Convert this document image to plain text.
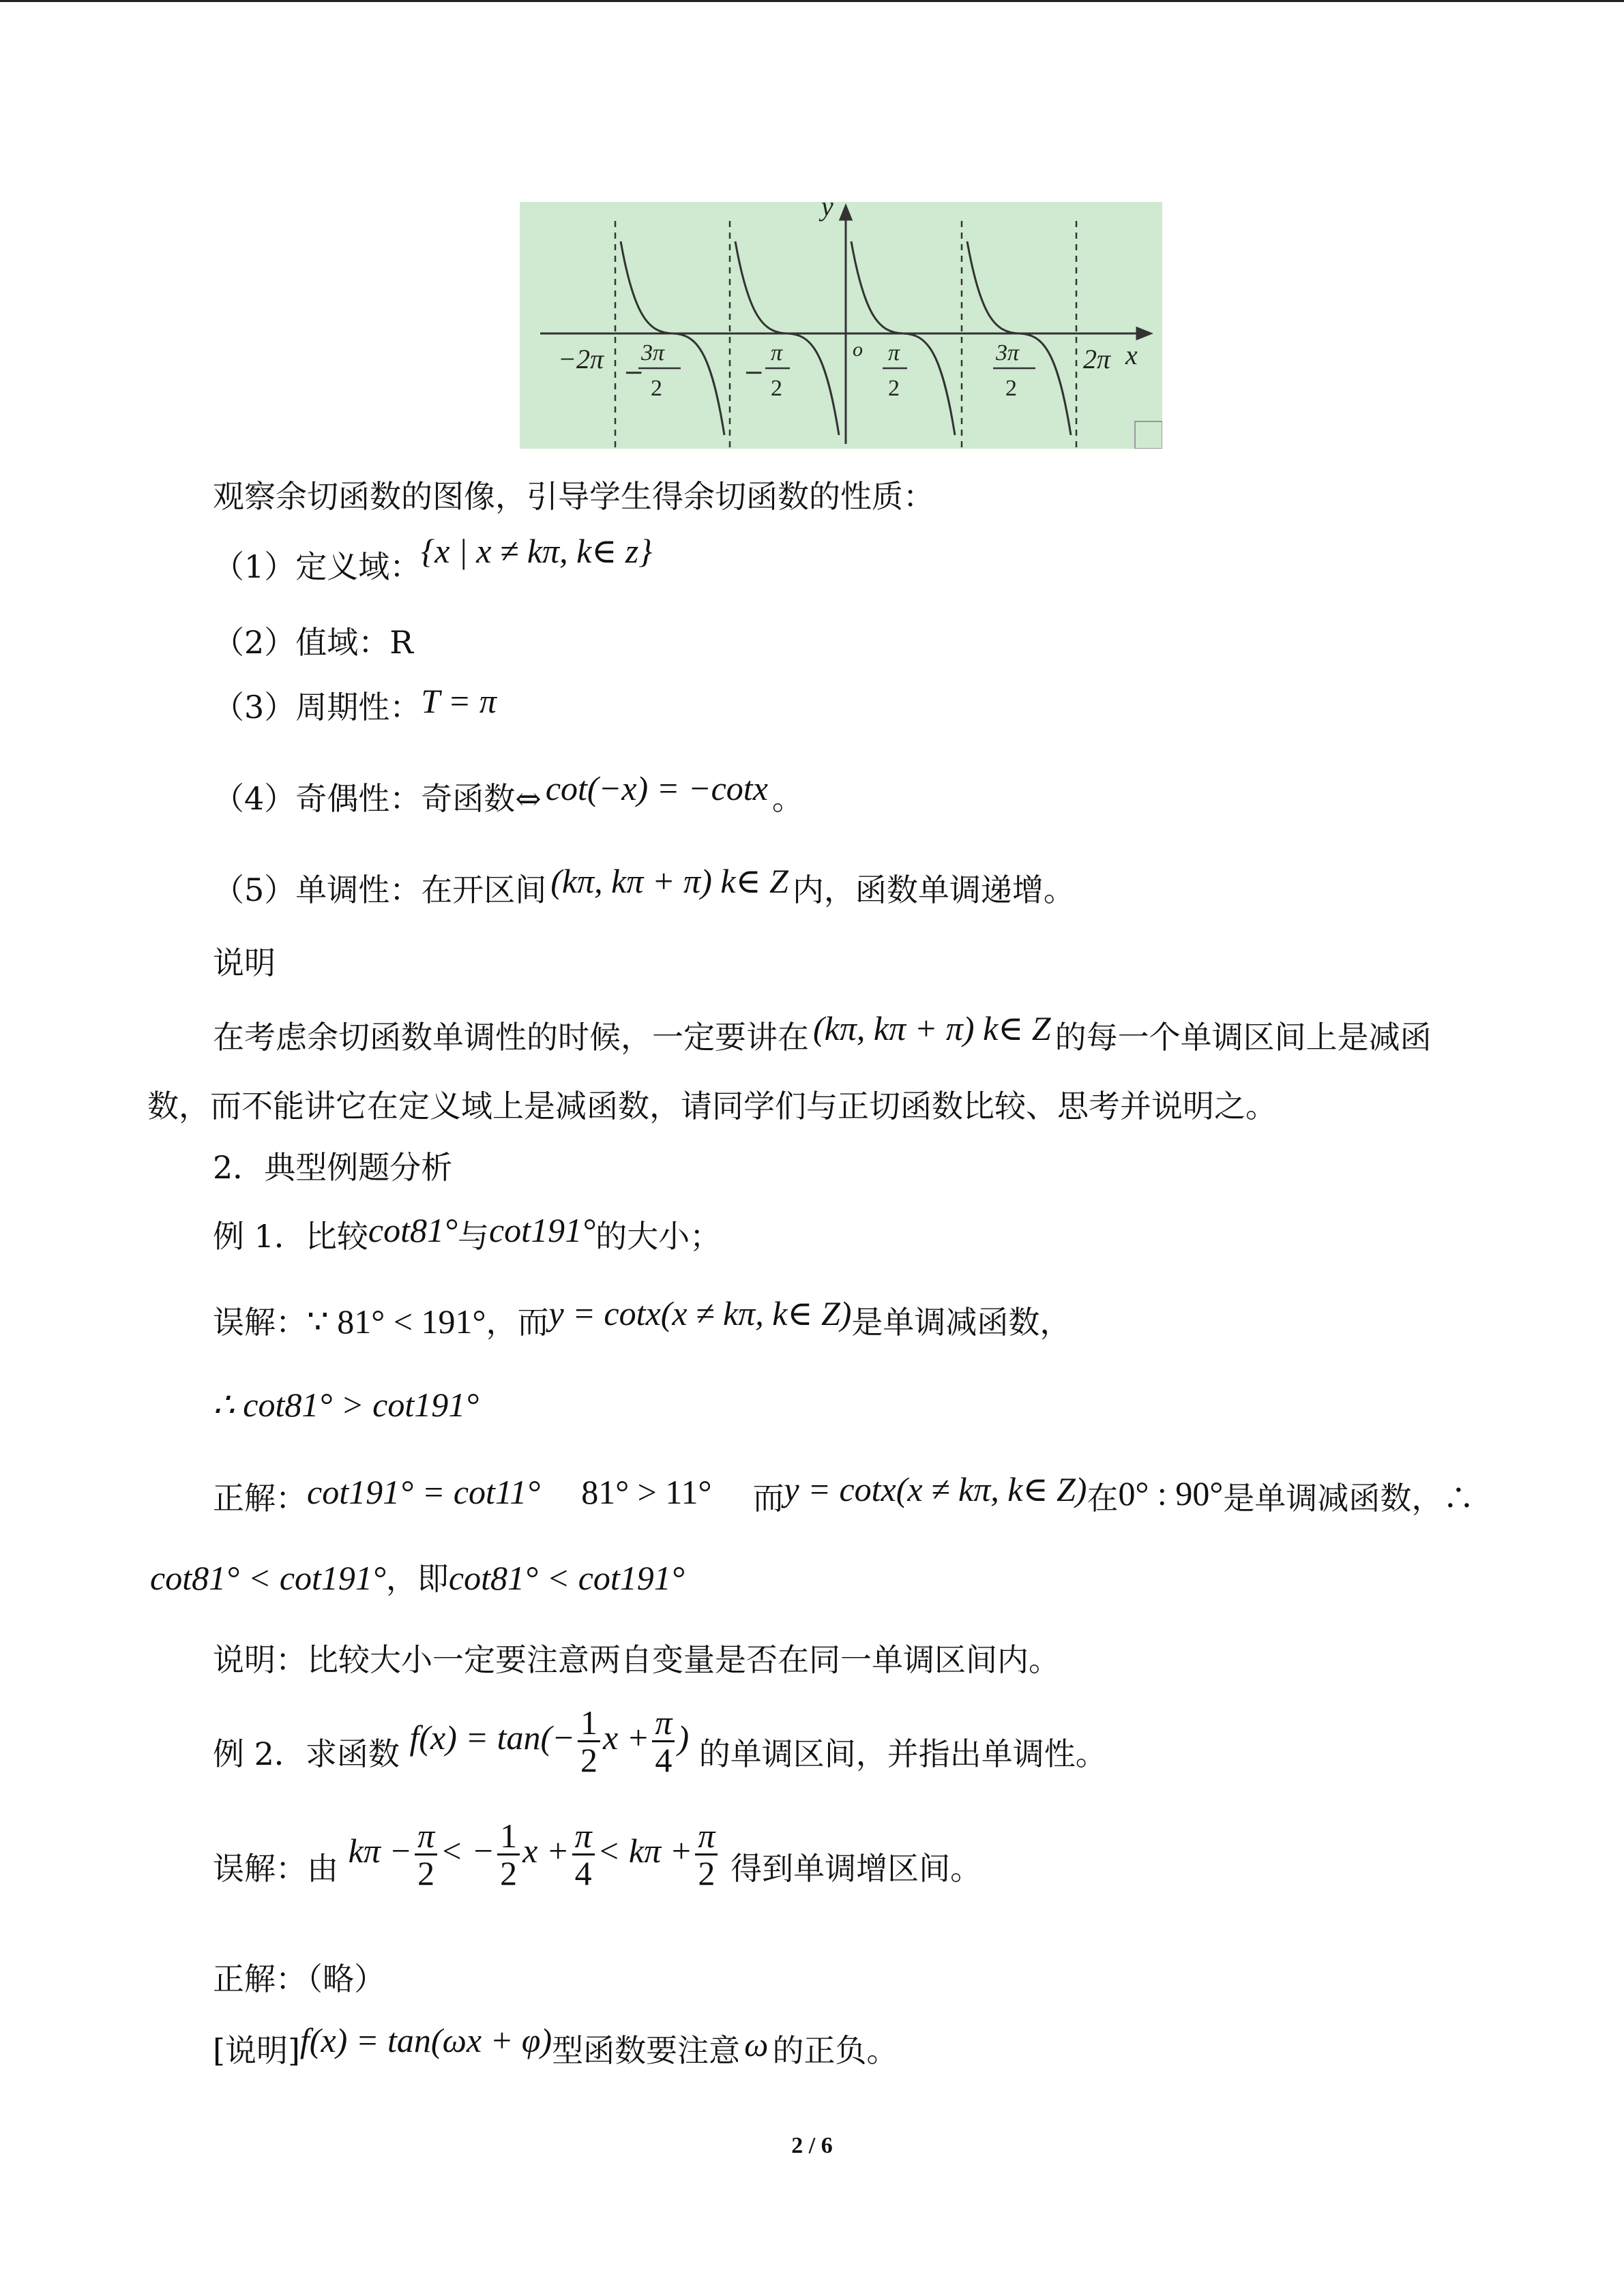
y
x
o
−2π 3π
2
π
2
π
2
3π
2
2π
−	−
观察余切函数的图像，引导学生得余切函数的性质：
（1）定义域：{x | x ≠ kπ, k∈ z}
（2）值域：R
（3）周期性：T = π
（4）奇偶性：奇函数⇔ cot(−x) = −cotx 。
（5）单调性：在开区间 (kπ, kπ + π) k∈ Z 内，函数单调递增。
说明
在考虑余切函数单调性的时候，一定要讲在 (kπ, kπ + π) k∈ Z 的每一个单调区间上是减函
数，而不能讲它在定义域上是减函数，请同学们与正切函数比较、思考并说明之。
2．典型例题分析
例 1．比较cot81°与cot191°的大小；
误解：∵ 81° < 191°，而y = cotx(x ≠ kπ, k∈ Z)是单调减函数，
∴ cot81° > cot191°
正解：cot191° = cot11° 81° > 11° 而y = cotx(x ≠ kπ, k∈ Z)在0° : 90°是单调减函数，∴
cot81° < cot191°，即cot81° < cot191°
说明：比较大小一定要注意两自变量是否在同一单调区间内。
例 2．求函数 $f(x) = \tan(- \frac{1}{2}$ $x + \frac{\pi}{4}$ ) 的单调区间，并指出单调性。
误解：由 $k\pi - \frac{\pi}{2}$ < − $\frac{1}{2}$ $x + \frac{\pi}{4} < k\pi + \frac{\pi}{2}$ 得到单调增区间。
正解：（略）
[说明]f(x) = tan(ωx + φ)型函数要注意 ω 的正负。
2 / 6
